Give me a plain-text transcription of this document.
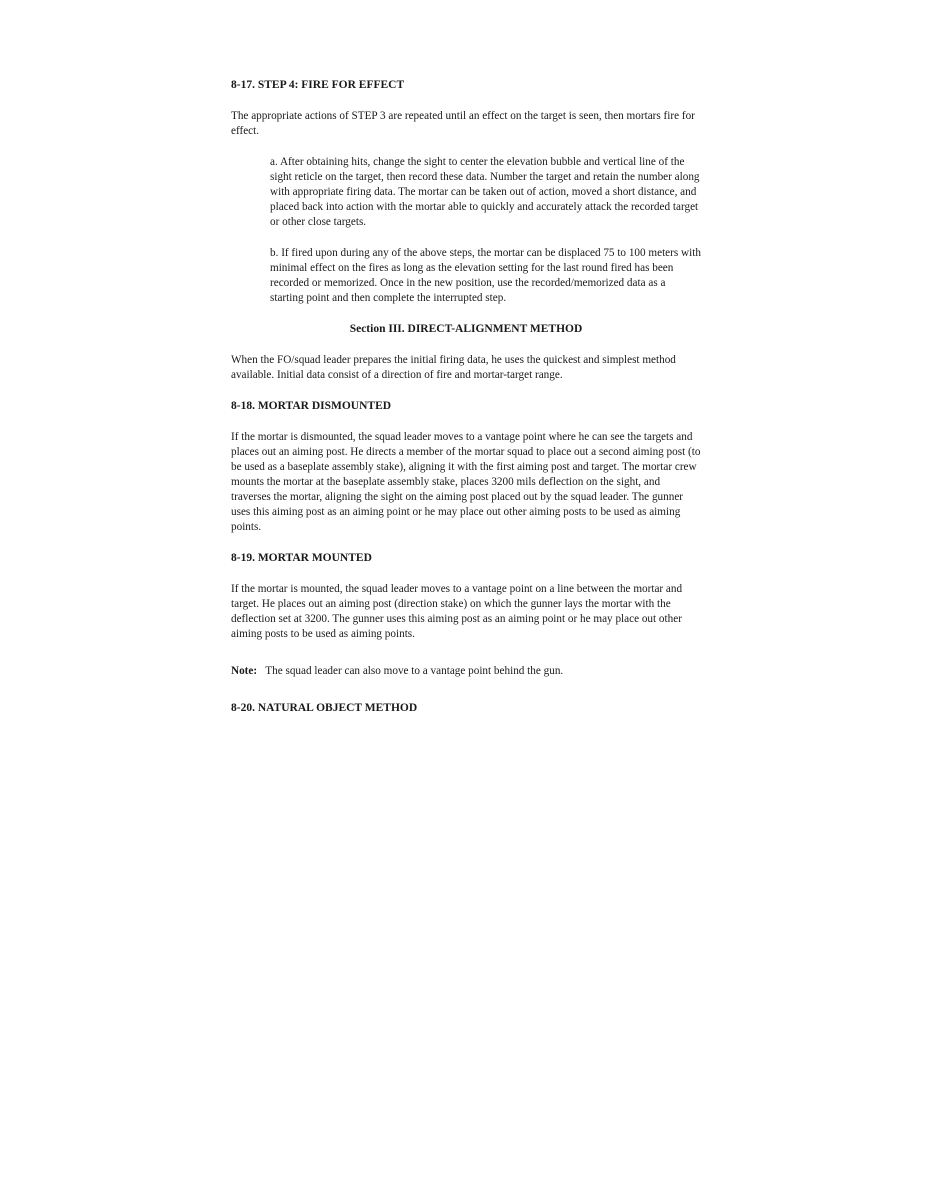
8-17. STEP 4: FIRE FOR EFFECT

The appropriate actions of STEP 3 are repeated until an effect on the target is seen, then mortars fire for effect.

a. After obtaining hits, change the sight to center the elevation bubble and vertical line of the sight reticle on the target, then record these data. Number the target and retain the number along with appropriate firing data. The mortar can be taken out of action, moved a short distance, and placed back into action with the mortar able to quickly and accurately attack the recorded target or other close targets.

b. If fired upon during any of the above steps, the mortar can be displaced 75 to 100 meters with minimal effect on the fires as long as the elevation setting for the last round fired has been recorded or memorized. Once in the new position, use the recorded/memorized data as a starting point and then complete the interrupted step.

Section III. DIRECT-ALIGNMENT METHOD

When the FO/squad leader prepares the initial firing data, he uses the quickest and simplest method available. Initial data consist of a direction of fire and mortar-target range.

8-18. MORTAR DISMOUNTED

If the mortar is dismounted, the squad leader moves to a vantage point where he can see the targets and places out an aiming post. He directs a member of the mortar squad to place out a second aiming post (to be used as a baseplate assembly stake), aligning it with the first aiming post and target. The mortar crew mounts the mortar at the baseplate assembly stake, places 3200 mils deflection on the sight, and traverses the mortar, aligning the sight on the aiming post placed out by the squad leader. The gunner uses this aiming post as an aiming point or he may place out other aiming posts to be used as aiming points.

8-19. MORTAR MOUNTED

If the mortar is mounted, the squad leader moves to a vantage point on a line between the mortar and target. He places out an aiming post (direction stake) on which the gunner lays the mortar with the deflection set at 3200. The gunner uses this aiming post as an aiming point or he may place out other aiming posts to be used as aiming points.

Note: The squad leader can also move to a vantage point behind the gun.

8-20. NATURAL OBJECT METHOD
